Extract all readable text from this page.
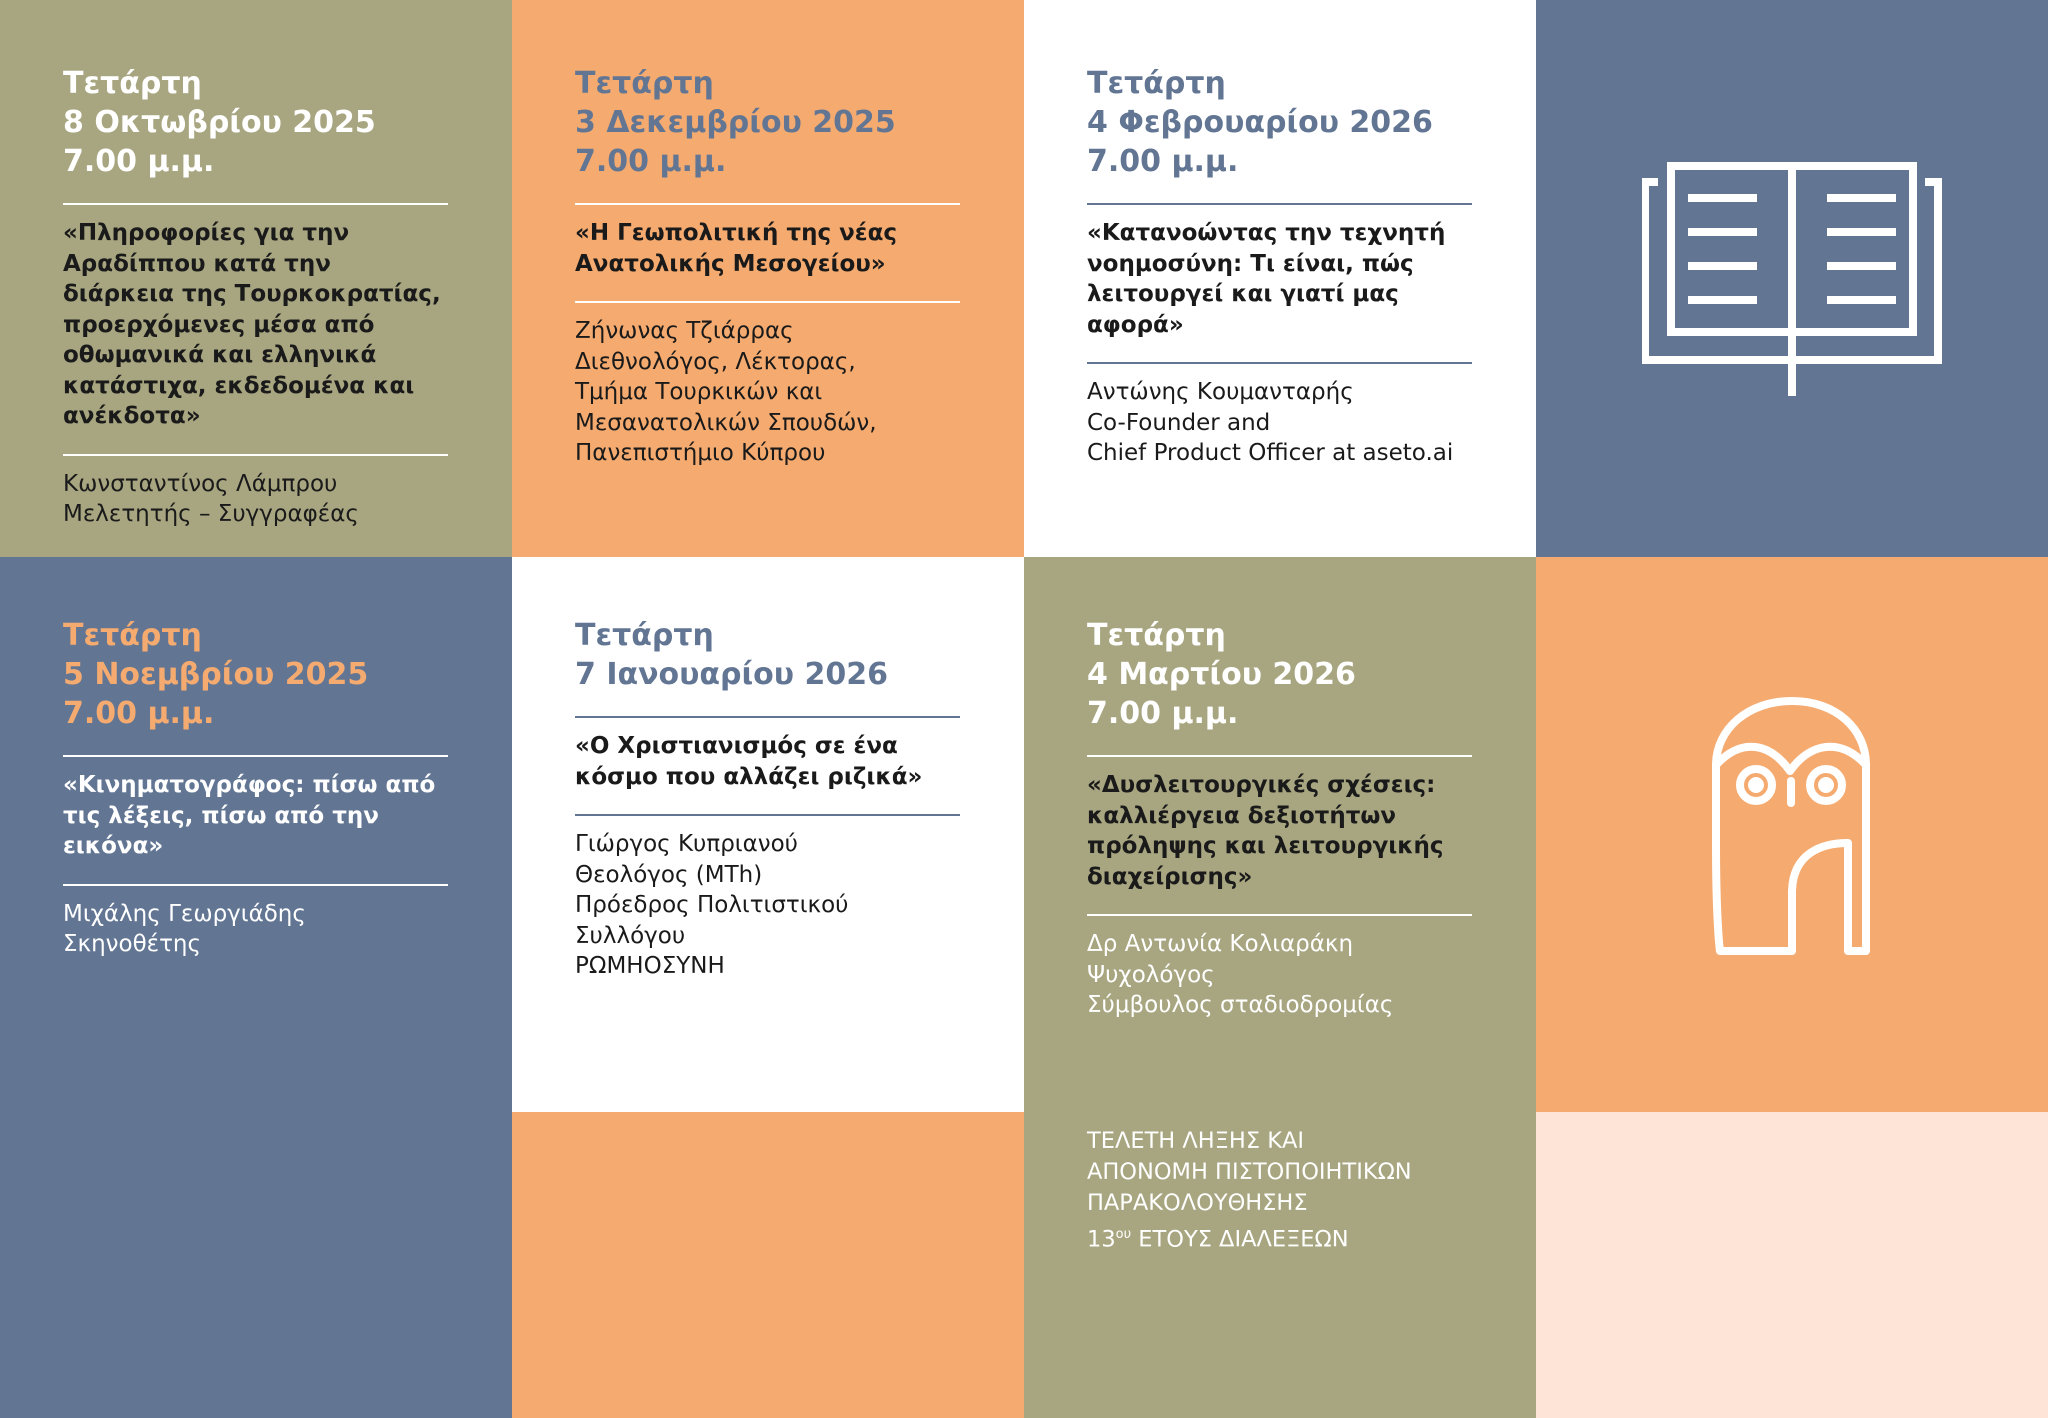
Τετάρτη
8 Οκτωβρίου 2025
7.00 μ.μ.
«Πληροφορίες για την Αραδίππου κατά την διάρκεια της Τουρκοκρατίας, προερχόμενες μέσα από οθωμανικά και ελληνικά κατάστιχα, εκδεδομένα και ανέκδοτα»
Κωνσταντίνος Λάμπρου
Μελετητής – Συγγραφέας
Τετάρτη
3 Δεκεμβρίου 2025
7.00 μ.μ.
«Η Γεωπολιτική της νέας Ανατολικής Μεσογείου»
Ζήνωνας Τζιάρρας
Διεθνολόγος, Λέκτορας,
Τμήμα Τουρκικών και
Μεσανατολικών Σπουδών,
Πανεπιστήμιο Κύπρου
Τετάρτη
4 Φεβρουαρίου 2026
7.00 μ.μ.
«Κατανοώντας την τεχνητή νοημοσύνη: Τι είναι, πώς λειτουργεί και γιατί μας αφορά»
Αντώνης Κουμανταρής
Co-Founder and
Chief Product Officer at aseto.ai
Τετάρτη
5 Νοεμβρίου 2025
7.00 μ.μ.
«Κινηματογράφος: πίσω από τις λέξεις, πίσω από την εικόνα»
Μιχάλης Γεωργιάδης
Σκηνοθέτης
Τετάρτη
7 Ιανουαρίου 2026
«Ο Χριστιανισμός σε ένα κόσμο που αλλάζει ριζικά»
Γιώργος Κυπριανού
Θεολόγος (MTh)
Πρόεδρος Πολιτιστικού Συλλόγου
ΡΩΜΗΟΣΥΝΗ
Τετάρτη
4 Μαρτίου 2026
7.00 μ.μ.
«Δυσλειτουργικές σχέσεις: καλλιέργεια δεξιοτήτων πρόληψης και λειτουργικής διαχείρισης»
Δρ Αντωνία Κολιαράκη
Ψυχολόγος
Σύμβουλος σταδιοδρομίας
ΤΕΛΕΤΗ ΛΗΞΗΣ ΚΑΙ
ΑΠΟΝΟΜΗ ΠΙΣΤΟΠΟΙΗΤΙΚΩΝ
ΠΑΡΑΚΟΛΟΥΘΗΣΗΣ
$13^{o\upsilon}$ ΕΤΟΥΣ ΔΙΑΛΕΞΕΩΝ
